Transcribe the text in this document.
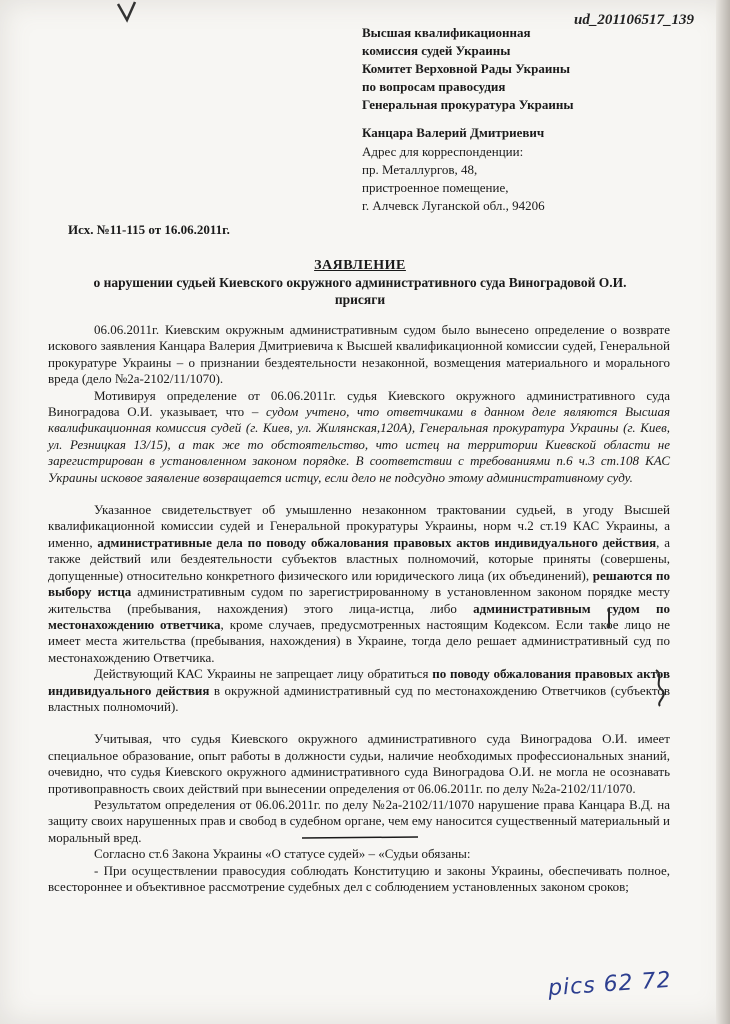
ud_201106517_139
Высшая квалификационная
комиссия судей Украины
Комитет Верховной Рады Украины
по вопросам правосудия
Генеральная прокуратура Украины
Канцара Валерий Дмитриевич
Адрес для корреспонденции:
пр. Металлургов, 48,
пристроенное помещение,
г. Алчевск Луганской обл., 94206
Исх. №11-115 от 16.06.2011г.
ЗАЯВЛЕНИЕ
о нарушении судьей Киевского окружного административного суда Виноградовой О.И.
присяги

06.06.2011г. Киевским окружным административным судом было вынесено определение о возврате искового заявления Канцара Валерия Дмитриевича к Высшей квалификационной комиссии судей, Генеральной прокуратуре Украины – о признании бездеятельности незаконной, возмещения материального и морального вреда (дело №2а-2102/11/1070).

Мотивируя определение от 06.06.2011г. судья Киевского окружного административного суда Виноградова О.И. указывает, что – судом учтено, что ответчиками в данном деле являются Высшая квалификационная комиссия судей (г. Киев, ул. Жилянская,120А), Генеральная прокуратура Украины (г. Киев, ул. Резницкая 13/15), а так же то обстоятельство, что истец на территории Киевской области не зарегистрирован в установленном законом порядке. В соответствии с требованиями п.6 ч.3 ст.108 КАС Украины исковое заявление возвращается истцу, если дело не подсудно этому административному суду.

Указанное свидетельствует об умышленно незаконном трактовании судьей, в угоду Высшей квалификационной комиссии судей и Генеральной прокуратуры Украины, норм ч.2 ст.19 КАС Украины, а именно, административные дела по поводу обжалования правовых актов индивидуального действия, а также действий или бездеятельности субъектов властных полномочий, которые приняты (совершены, допущенные) относительно конкретного физического или юридического лица (их объединений), решаются по выбору истца административным судом по зарегистрированному в установленном законом порядке месту жительства (пребывания, нахождения) этого лица-истца, либо административным судом по местонахождению ответчика, кроме случаев, предусмотренных настоящим Кодексом. Если такое лицо не имеет места жительства (пребывания, нахождения) в Украине, тогда дело решает административный суд по местонахождению Ответчика.

Действующий КАС Украины не запрещает лицу обратиться по поводу обжалования правовых актов индивидуального действия в окружной административный суд по местонахождению Ответчиков (субъектов властных полномочий).

Учитывая, что судья Киевского окружного административного суда Виноградова О.И. имеет специальное образование, опыт работы в должности судьи, наличие необходимых профессиональных знаний, очевидно, что судья Киевского окружного административного суда Виноградова О.И. не могла не осознавать противоправность своих действий при вынесении определения от 06.06.2011г. по делу №2а-2102/11/1070.

Результатом определения от 06.06.2011г. по делу №2а-2102/11/1070 нарушение права Канцара В.Д. на защиту своих нарушенных прав и свобод в судебном органе, чем ему наносится существенный материальный и моральный вред.

Согласно ст.6 Закона Украины «О статусе судей» – «Судьи обязаны:

- При осуществлении правосудия соблюдать Конституцию и законы Украины, обеспечивать полное, всестороннее и объективное рассмотрение судебных дел с соблюдением установленных законом сроков;

pics 62 72
